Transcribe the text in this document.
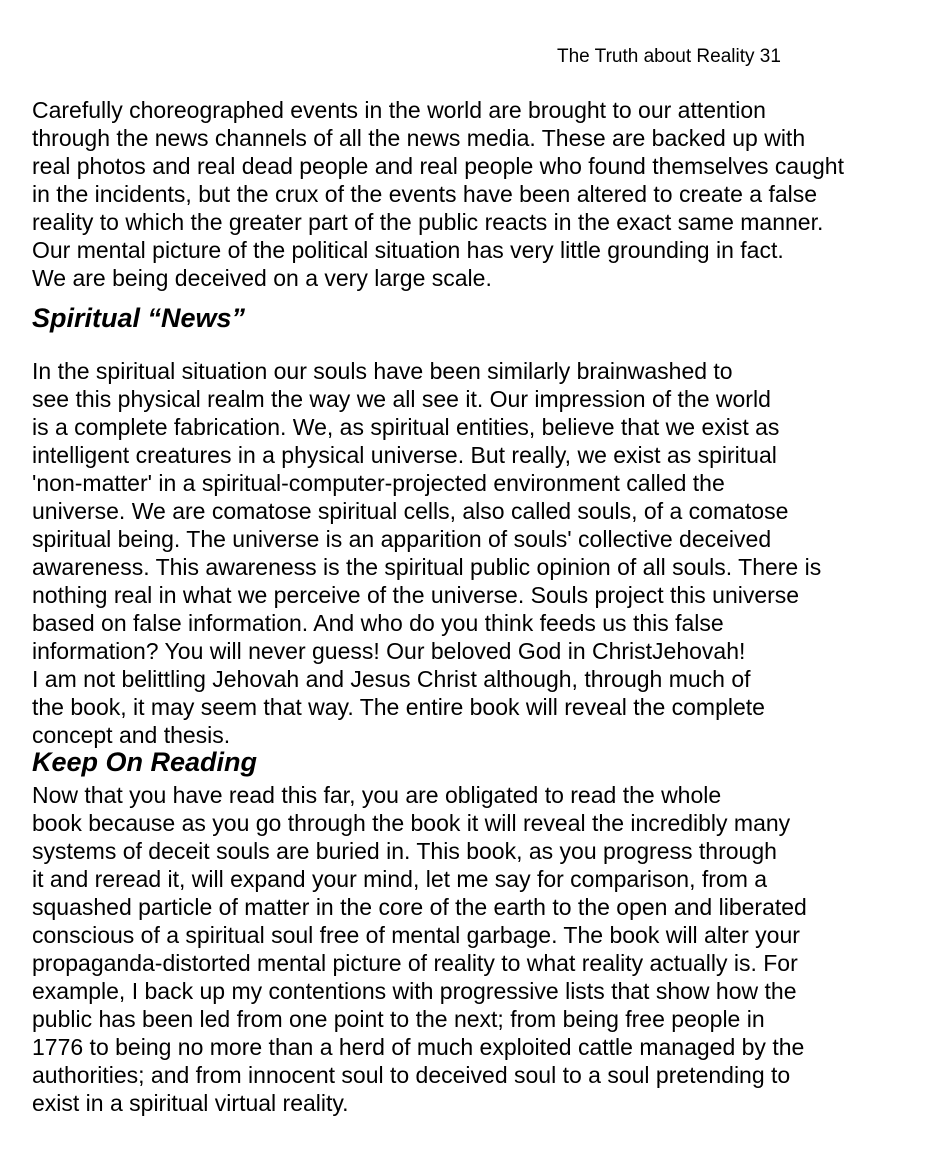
The Truth about Reality 31
Carefully choreographed events in the world are brought to our attention
through the news channels of all the news media. These are backed up with
real photos and real dead people and real people who found themselves caught
in the incidents, but the crux of the events have been altered to create a false
reality to which the greater part of the public reacts in the exact same manner.
Our mental picture of the political situation has very little grounding in fact.
We are being deceived on a very large scale.
Spiritual “News”
In the spiritual situation our souls have been similarly brainwashed to
see this physical realm the way we all see it. Our impression of the world
is a complete fabrication. We, as spiritual entities, believe that we exist as
intelligent creatures in a physical universe. But really, we exist as spiritual
'non-matter' in a spiritual-computer-projected environment called the
universe. We are comatose spiritual cells, also called souls, of a comatose
spiritual being. The universe is an apparition of souls' collective deceived
awareness. This awareness is the spiritual public opinion of all souls. There is
nothing real in what we perceive of the universe. Souls project this universe
based on false information. And who do you think feeds us this false
information? You will never guess! Our beloved God in ChristJehovah!
I am not belittling Jehovah and Jesus Christ although, through much of
the book, it may seem that way. The entire book will reveal the complete
concept and thesis.
Keep On Reading
Now that you have read this far, you are obligated to read the whole
book because as you go through the book it will reveal the incredibly many
systems of deceit souls are buried in. This book, as you progress through
it and reread it, will expand your mind, let me say for comparison, from a
squashed particle of matter in the core of the earth to the open and liberated
conscious of a spiritual soul free of mental garbage. The book will alter your
propaganda-distorted mental picture of reality to what reality actually is. For
example, I back up my contentions with progressive lists that show how the
public has been led from one point to the next; from being free people in
1776 to being no more than a herd of much exploited cattle managed by the
authorities; and from innocent soul to deceived soul to a soul pretending to
exist in a spiritual virtual reality.
